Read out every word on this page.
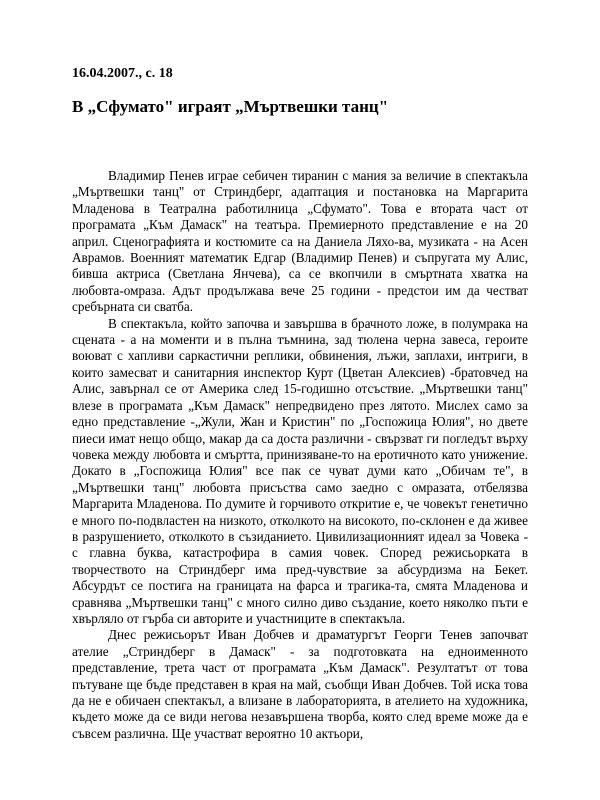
16.04.2007., с. 18
В „Сфумато" играят „Мъртвешки танц"

Владимир Пенев играе себичен тиранин с мания за величие в спектакъла „Мъртвешки танц" от Стриндберг, адаптация и постановка на Маргарита Младенова в Театрална работилница „Сфумато". Това е втората част от програмата „Към Дамаск" на театъра. Премиерното представление е на 20 април. Сценографията и костюмите са на Даниела Ляхо-ва, музиката - на Асен Аврамов. Военният математик Едгар (Владимир Пенев) и съпругата му Алис, бивша актриса (Светлана Янчева), са се вкопчили в смъртната хватка на любовта-омраза. Адът продължава вече 25 години - предстои им да честват сребърната си сватба.

В спектакъла, който започва и завършва в брачното ложе, в полумрака на сцената - а на моменти и в пълна тъмнина, зад тюлена черна завеса, героите воюват с хапливи саркастични реплики, обвинения, лъжи, заплахи, интриги, в които замесват и санитарния инспектор Курт (Цветан Алексиев) -братовчед на Алис, завърнал се от Америка след 15-годишно отсъствие. „Мъртвешки танц" влезе в програмата „Към Дамаск" непредвидено през лятото. Мислех само за едно представление -„Жули, Жан и Кристин" по „Госпожица Юлия", но двете пиеси имат нещо общо, макар да са доста различни - свързват ги погледът върху човека между любовта и смъртта, принизяване-то на еротичното като унижение. Докато в „Госпожица Юлия" все пак се чуват думи като „Обичам те", в „Мъртвешки танц" любовта присъства само заедно с омразата, отбелязва Маргарита Младенова. По думите ѝ горчивото откритие е, че човекът генетично е много по-подвластен на низкото, отколкото на високото, по-склонен е да живее в разрушението, отколкото в съзиданието. Цивилизационният идеал за Човека - с главна буква, катастрофира в самия човек. Според режисьорката в творчеството на Стриндберг има пред-чувствие за абсурдизма на Бекет. Абсурдът се постига на границата на фарса и трагика-та, смята Младенова и сравнява „Мъртвешки танц" с много силно диво създание, което няколко пъти е хвърляло от гърба си авторите и участниците в спектакъла.

Днес режисьорът Иван Добчев и драматургът Георги Тенев започват ателие „Стриндберг в Дамаск" - за подготовката на едноименното представление, трета част от програмата „Към Дамаск". Резултатът от това пътуване ще бъде представен в края на май, съобщи Иван Добчев. Той иска това да не е обичаен спектакъл, а влизане в лабораторията, в ателието на художника, където може да се види негова незавършена творба, която след време може да е съвсем различна. Ще участват вероятно 10 актьори,
